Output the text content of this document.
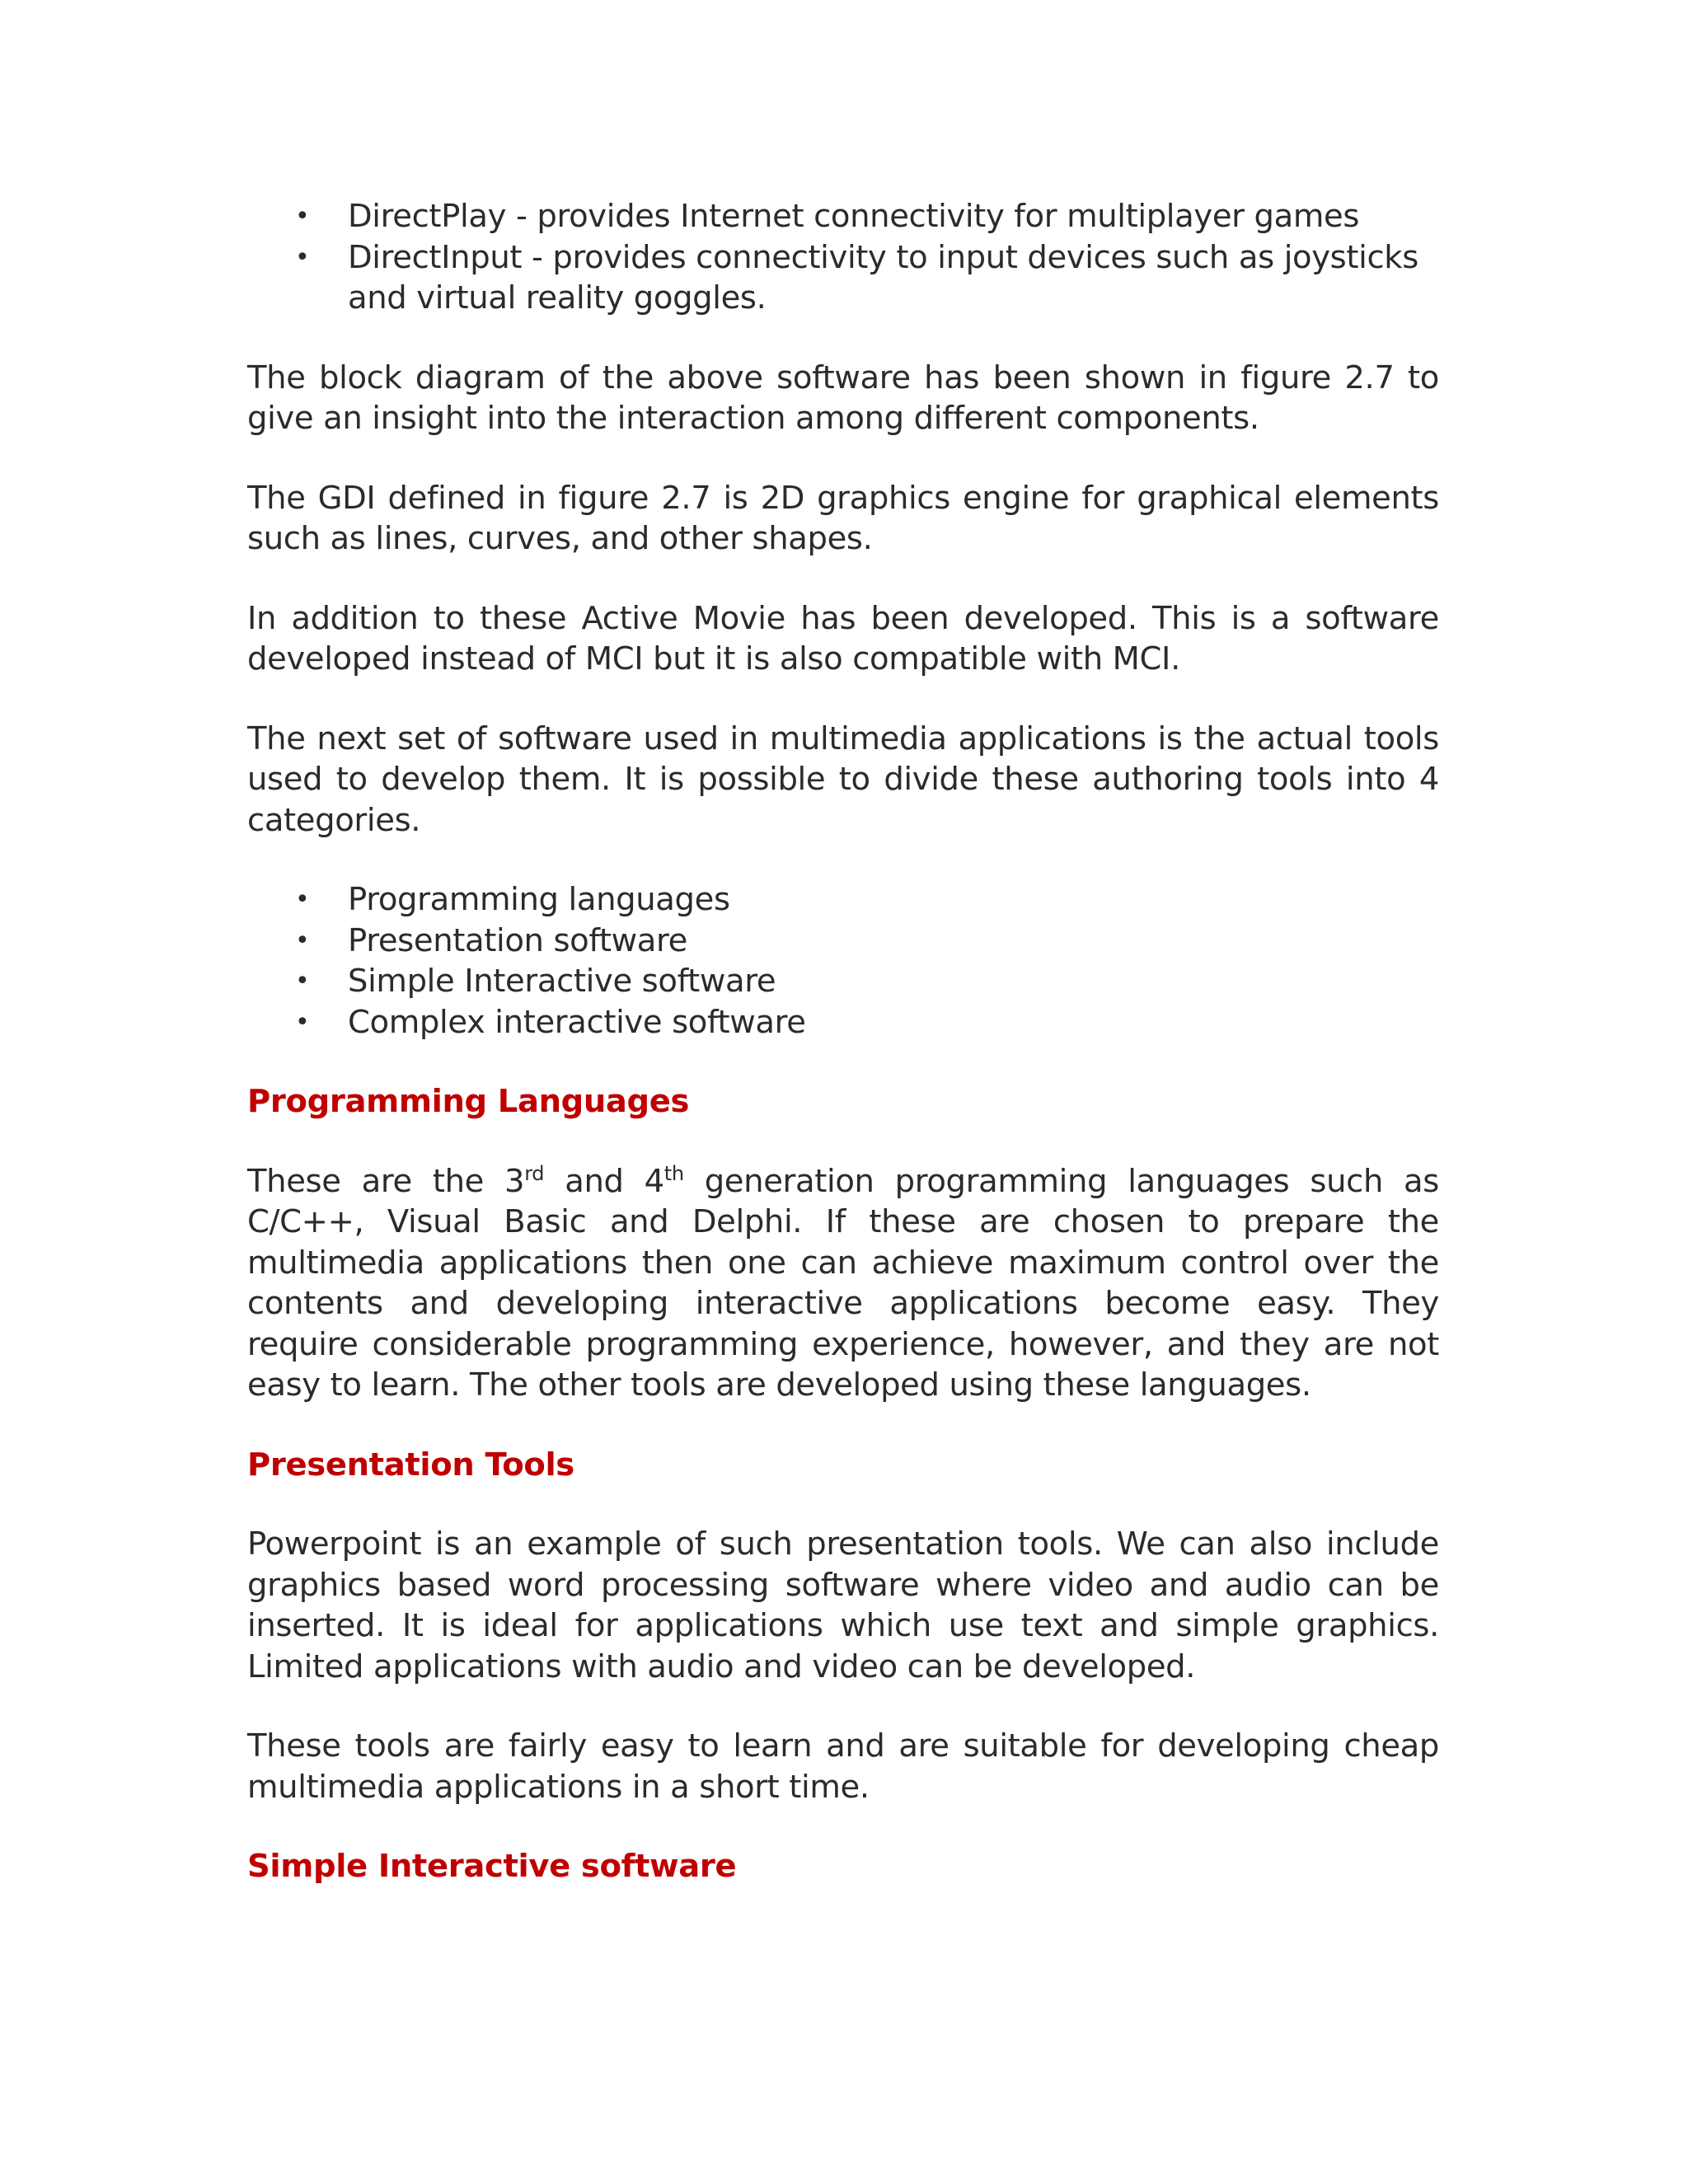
• DirectPlay - provides Internet connectivity for multiplayer games
• DirectInput - provides connectivity to input devices such as joysticks and virtual reality goggles.

The block diagram of the above software has been shown in figure 2.7 to give an insight into the interaction among different components.

The GDI defined in figure 2.7 is 2D graphics engine for graphical elements such as lines, curves, and other shapes.

In addition to these Active Movie has been developed. This is a software developed instead of MCI but it is also compatible with MCI.

The next set of software used in multimedia applications is the actual tools used to develop them. It is possible to divide these authoring tools into 4 categories.

• Programming languages
• Presentation software
• Simple Interactive software
• Complex interactive software
Programming Languages

These are the 3rd and 4th generation programming languages such as C/C++, Visual Basic and Delphi. If these are chosen to prepare the multimedia applications then one can achieve maximum control over the contents and developing interactive applications become easy. They require considerable programming experience, however, and they are not easy to learn. The other tools are developed using these languages.

Presentation Tools

Powerpoint is an example of such presentation tools. We can also include graphics based word processing software where video and audio can be inserted. It is ideal for applications which use text and simple graphics. Limited applications with audio and video can be developed.

These tools are fairly easy to learn and are suitable for developing cheap multimedia applications in a short time.

Simple Interactive software
